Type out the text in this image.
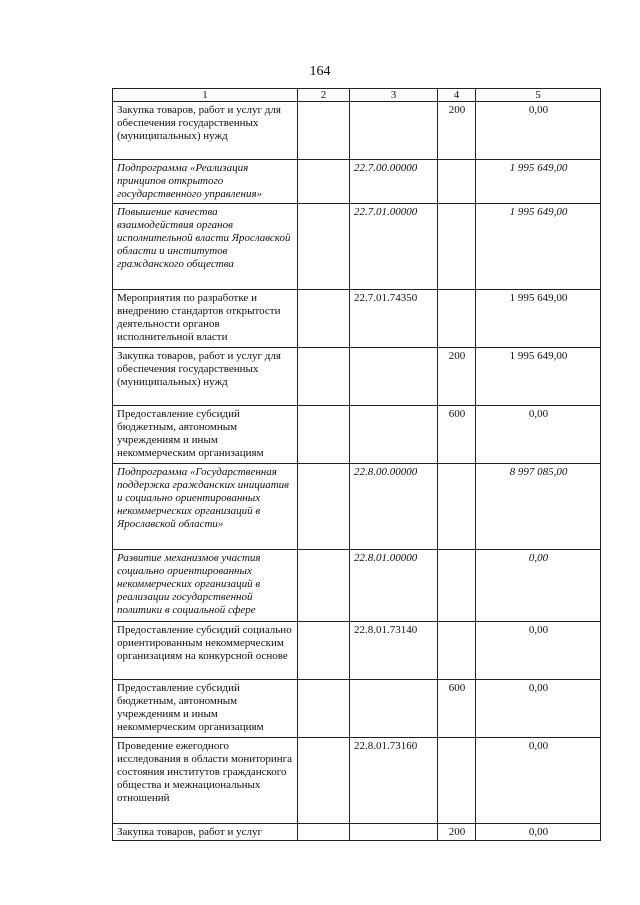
164
1	2	3	4	5
Закупка товаров, работ и услуг для обеспечения государственных (муниципальных) нужд			200	0,00
Подпрограмма «Реализация принципов открытого государственного управления»		22.7.00.00000		1 995 649,00
Повышение качества взаимодействия органов исполнительной власти Ярославской области и институтов гражданского общества		22.7.01.00000		1 995 649,00
Мероприятия по разработке и внедрению стандартов открытости деятельности органов исполнительной власти		22.7.01.74350		1 995 649,00
Закупка товаров, работ и услуг для обеспечения государственных (муниципальных) нужд			200	1 995 649,00
Предоставление субсидий бюджетным, автономным учреждениям и иным некоммерческим организациям			600	0,00
Подпрограмма «Государственная поддержка гражданских инициатив и социально ориентированных некоммерческих организаций в Ярославской области»		22.8.00.00000		8 997 085,00
Развитие механизмов участия социально ориентированных некоммерческих организаций в реализации государственной политики в социальной сфере		22.8.01.00000		0,00
Предоставление субсидий социально ориентированным некоммерческим организациям на конкурсной основе		22.8.01.73140		0,00
Предоставление субсидий бюджетным, автономным учреждениям и иным некоммерческим организациям			600	0,00
Проведение ежегодного исследования в области мониторинга состояния институтов гражданского общества и межнациональных отношений		22.8.01.73160		0,00
Закупка товаров, работ и услуг			200	0,00
